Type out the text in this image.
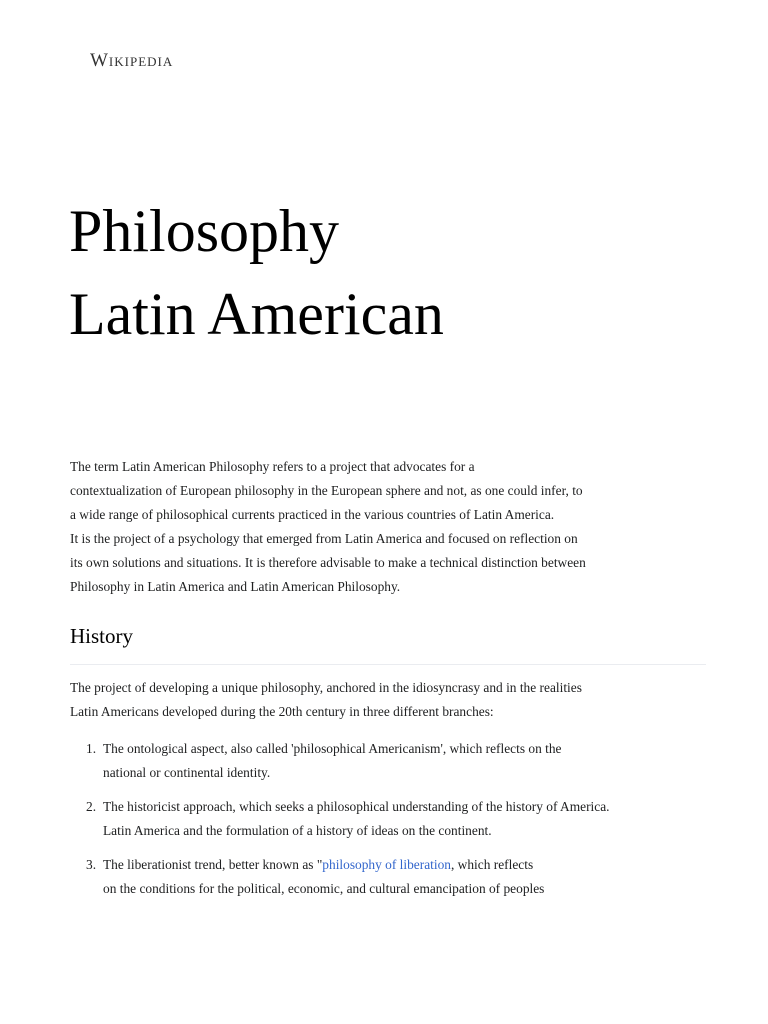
Wikipedia
Philosophy
Latin American

The term Latin American Philosophy refers to a project that advocates for a
contextualization of European philosophy in the European sphere and not, as one could infer, to
a wide range of philosophical currents practiced in the various countries of Latin America.
It is the project of a psychology that emerged from Latin America and focused on reflection on
its own solutions and situations. It is therefore advisable to make a technical distinction between
Philosophy in Latin America and Latin American Philosophy.

History

The project of developing a unique philosophy, anchored in the idiosyncrasy and in the realities
Latin Americans developed during the 20th century in three different branches:

1. The ontological aspect, also called 'philosophical Americanism', which reflects on the
national or continental identity.
2. The historicist approach, which seeks a philosophical understanding of the history of America.
Latin America and the formulation of a history of ideas on the continent.
3. The liberationist trend, better known as "philosophy of liberation, which reflects
on the conditions for the political, economic, and cultural emancipation of peoples
